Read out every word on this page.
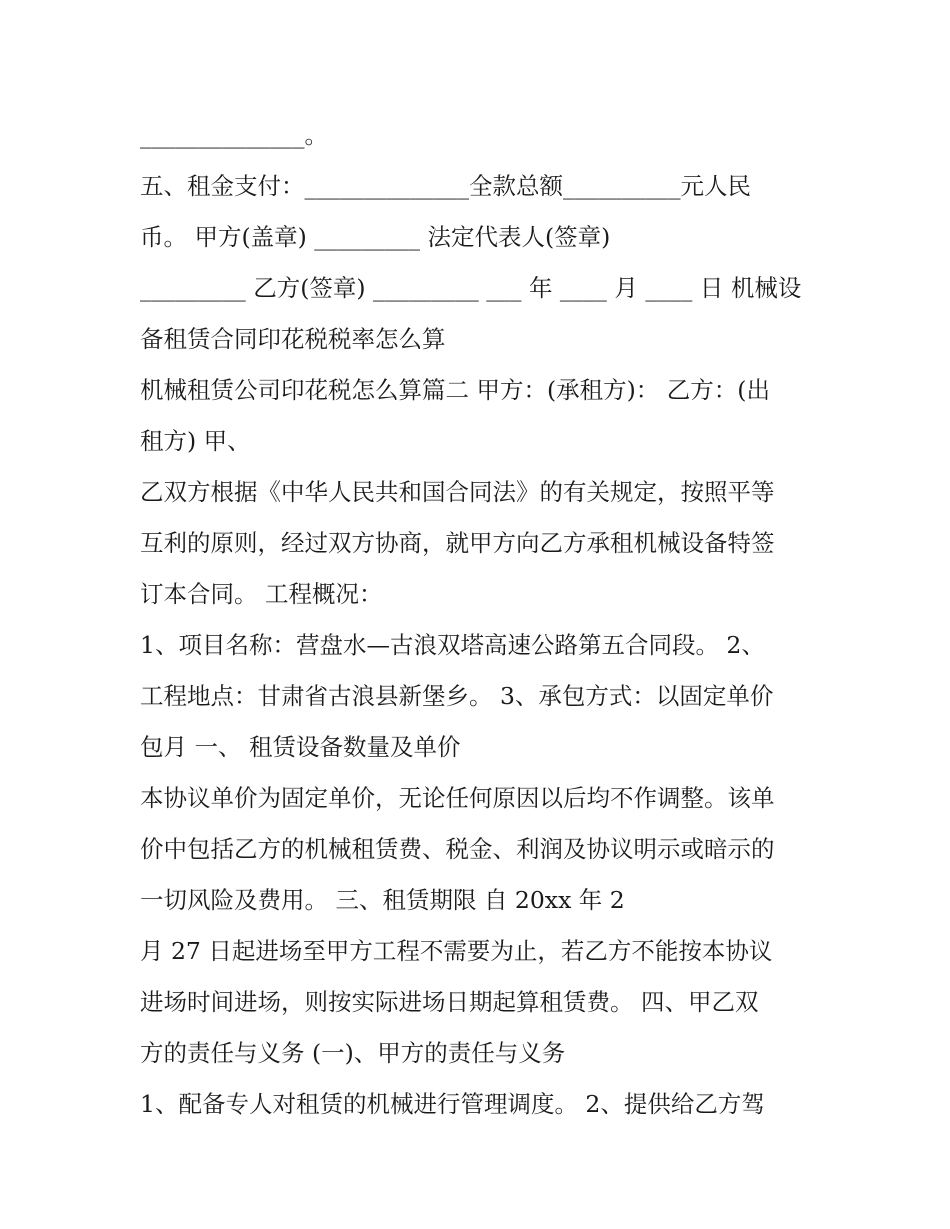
______________。
五、租金支付：______________全款总额__________元人民
币。 甲方(盖章) _________ 法定代表人(签章)
_________ 乙方(签章) _________ ___ 年 ____ 月 ____ 日 机械设
备租赁合同印花税税率怎么算
机械租赁公司印花税怎么算篇二 甲方：(承租方)： 乙方：(出
租方) 甲、
乙双方根据《中华人民共和国合同法》的有关规定，按照平等
互利的原则，经过双方协商，就甲方向乙方承租机械设备特签
订本合同。 工程概况：
1、项目名称：营盘水—古浪双塔高速公路第五合同段。 2、
工程地点：甘肃省古浪县新堡乡。 3、承包方式：以固定单价
包月 一、 租赁设备数量及单价
本协议单价为固定单价，无论任何原因以后均不作调整。该单
价中包括乙方的机械租赁费、税金、利润及协议明示或暗示的
一切风险及费用。 三、租赁期限 自 20xx 年 2
月 27 日起进场至甲方工程不需要为止，若乙方不能按本协议
进场时间进场，则按实际进场日期起算租赁费。 四、甲乙双
方的责任与义务 (一)、甲方的责任与义务
1、配备专人对租赁的机械进行管理调度。 2、提供给乙方驾
